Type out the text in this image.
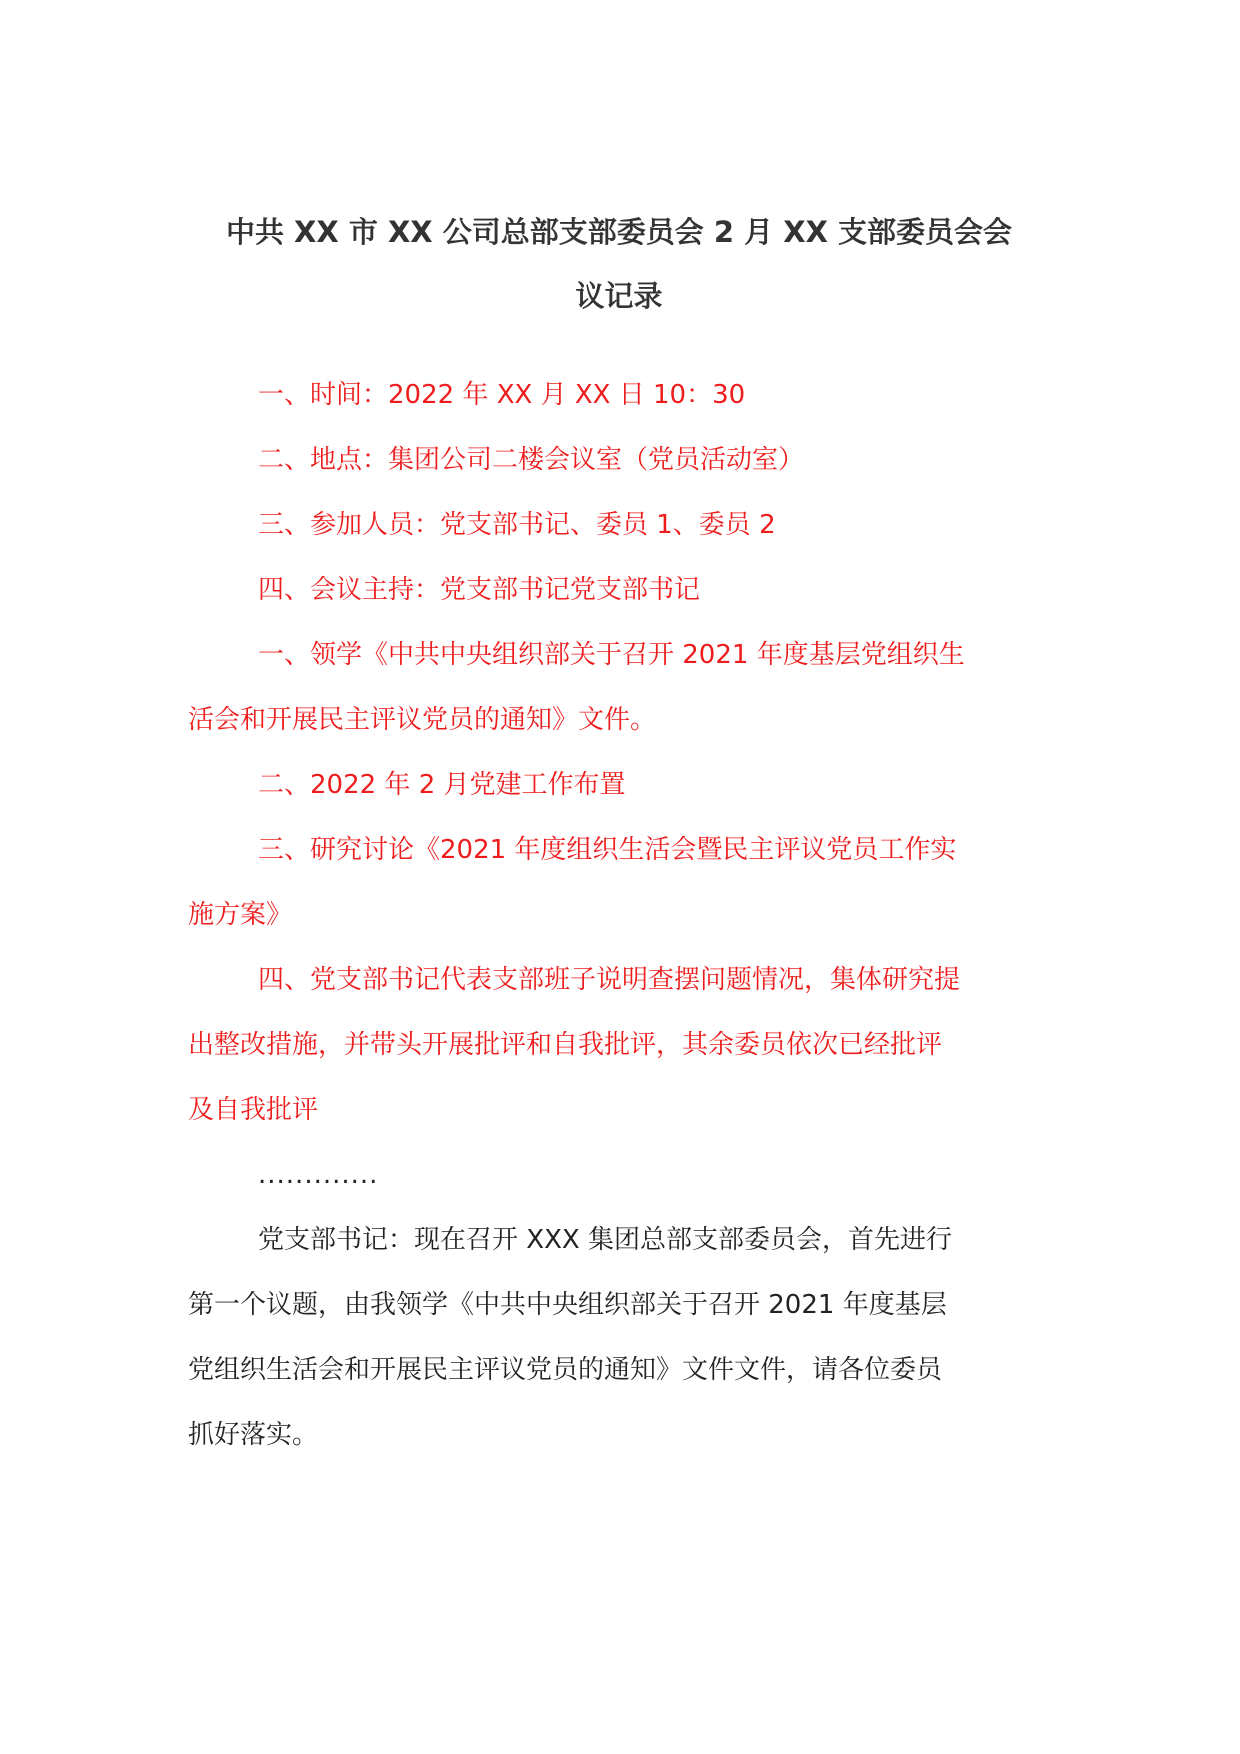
中共 XX 市 XX 公司总部支部委员会 2 月 XX 支部委员会会
议记录

一、时间：2022 年 XX 月 XX 日 10：30

二、地点：集团公司二楼会议室（党员活动室）

三、参加人员：党支部书记、委员 1、委员 2

四、会议主持：党支部书记党支部书记

一、领学《中共中央组织部关于召开 2021 年度基层党组织生
活会和开展民主评议党员的通知》文件。

二、2022 年 2 月党建工作布置

三、研究讨论《2021 年度组织生活会暨民主评议党员工作实
施方案》

四、党支部书记代表支部班子说明查摆问题情况，集体研究提
出整改措施，并带头开展批评和自我批评，其余委员依次已经批评
及自我批评

.............

党支部书记：现在召开 XXX 集团总部支部委员会，首先进行
第一个议题，由我领学《中共中央组织部关于召开 2021 年度基层
党组织生活会和开展民主评议党员的通知》文件文件，请各位委员
抓好落实。
